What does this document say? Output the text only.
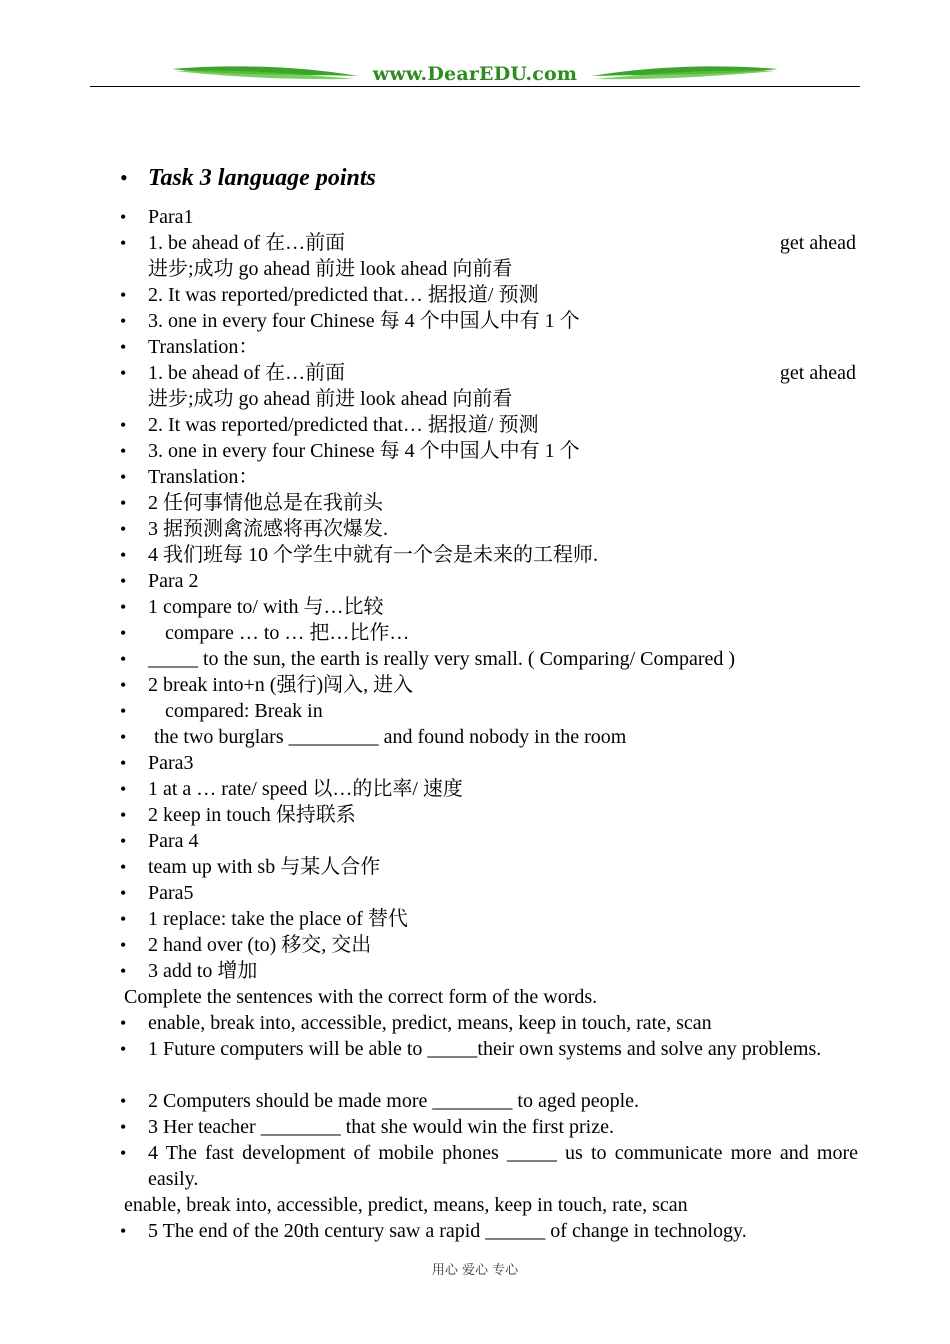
www.DearEDU.com
• Task 3 language points
•	Para1
•	1. be ahead of 在…前面	get ahead
进步;成功 go ahead 前进 look ahead 向前看
•	2. It was reported/predicted that… 据报道/ 预测
•	3. one in every four Chinese 每 4 个中国人中有 1 个
•	Translation：
•	1. be ahead of 在…前面	get ahead
进步;成功 go ahead 前进 look ahead 向前看
•	2. It was reported/predicted that… 据报道/ 预测
•	3. one in every four Chinese 每 4 个中国人中有 1 个
•	Translation：
•	2 任何事情他总是在我前头
•	3 据预测禽流感将再次爆发.
•	4 我们班每 10 个学生中就有一个会是未来的工程师.
•	Para 2
•	1 compare to/ with 与…比较
•	compare … to … 把…比作…
•	_____ to the sun, the earth is really very small. ( Comparing/ Compared )
•	2 break into+n (强行)闯入, 进入
•	compared: Break in
•	the two burglars _________ and found nobody in the room
•	Para3
•	1 at a … rate/ speed 以…的比率/ 速度
•	2 keep in touch 保持联系
•	Para 4
•	team up with sb 与某人合作
•	Para5
•	1 replace: take the place of 替代
•	2 hand over (to) 移交, 交出
•	3 add to 增加
Complete the sentences with the correct form of the words.
•	enable, break into, accessible, predict, means, keep in touch, rate, scan
•	1 Future computers will be able to _____their own systems and solve any problems.
•	2 Computers should be made more ________ to aged people.
•	3 Her teacher ________ that she would win the first prize.
•	4 The fast development of mobile phones _____ us to communicate more and more easily.
enable, break into, accessible, predict, means, keep in touch, rate, scan
•	5 The end of the 20th century saw a rapid ______ of change in technology.
用心 爱心 专心
